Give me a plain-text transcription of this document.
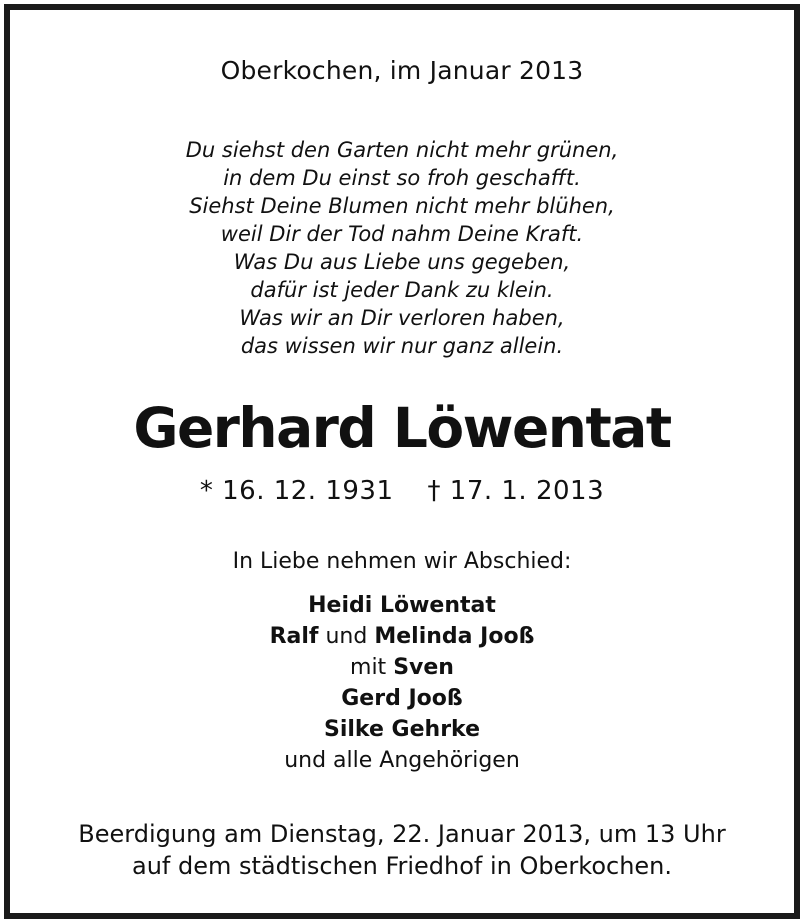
Oberkochen, im Januar 2013
Du siehst den Garten nicht mehr grünen,
in dem Du einst so froh geschafft.
Siehst Deine Blumen nicht mehr blühen,
weil Dir der Tod nahm Deine Kraft.
Was Du aus Liebe uns gegeben,
dafür ist jeder Dank zu klein.
Was wir an Dir verloren haben,
das wissen wir nur ganz allein.
Gerhard Löwentat
* 16. 12. 1931 † 17. 1. 2013
In Liebe nehmen wir Abschied:
Heidi Löwentat
Ralf und Melinda Jooß
mit Sven
Gerd Jooß
Silke Gehrke
und alle Angehörigen
Beerdigung am Dienstag, 22. Januar 2013, um 13 Uhr
auf dem städtischen Friedhof in Oberkochen.
